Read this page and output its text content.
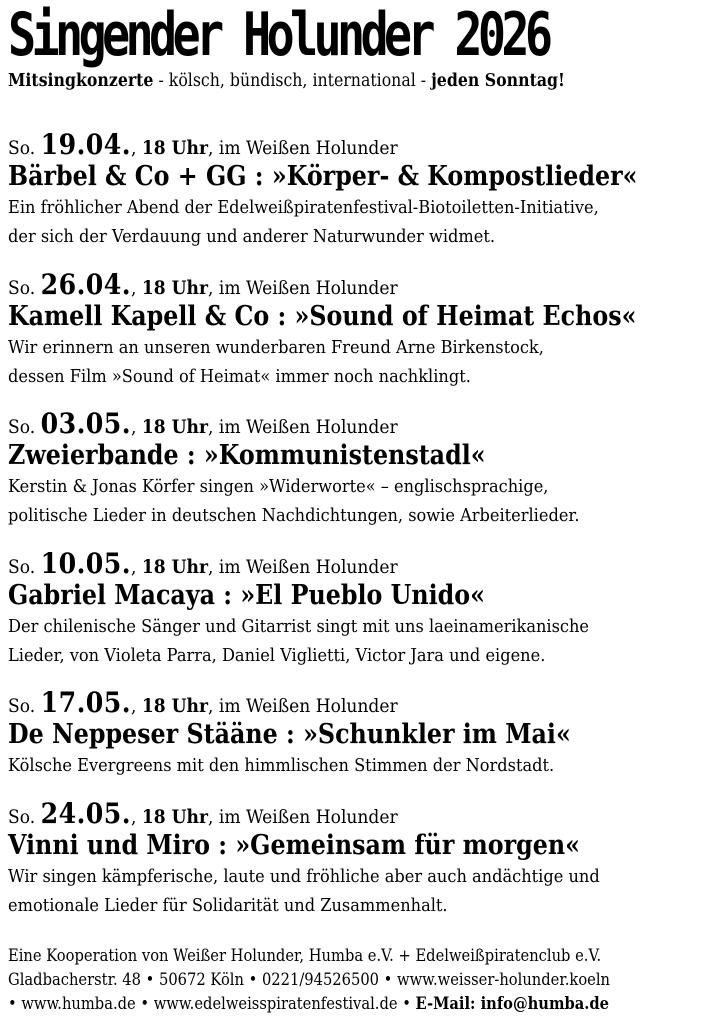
Singender Holunder 2026
Mitsingkonzerte - kölsch, bündisch, international - jeden Sonntag!
So. 19.04., 18 Uhr, im Weißen Holunder
Bärbel & Co + GG : »Körper- & Kompostlieder«

Ein fröhlicher Abend der Edelweißpiratenfestival-Biotoiletten-Initiative,

der sich der Verdauung und anderer Naturwunder widmet.

So. 26.04., 18 Uhr, im Weißen Holunder
Kamell Kapell & Co : »Sound of Heimat Echos«

Wir erinnern an unseren wunderbaren Freund Arne Birkenstock,

dessen Film »Sound of Heimat« immer noch nachklingt.

So. 03.05., 18 Uhr, im Weißen Holunder
Zweierbande : »Kommunistenstadl«

Kerstin & Jonas Körfer singen »Widerworte« – englischsprachige,

politische Lieder in deutschen Nachdichtungen, sowie Arbeiterlieder.

So. 10.05., 18 Uhr, im Weißen Holunder
Gabriel Macaya : »El Pueblo Unido«

Der chilenische Sänger und Gitarrist singt mit uns laeinamerikanische

Lieder, von Violeta Parra, Daniel Viglietti, Victor Jara und eigene.

So. 17.05., 18 Uhr, im Weißen Holunder
De Neppeser Stääne : »Schunkler im Mai«

Kölsche Evergreens mit den himmlischen Stimmen der Nordstadt.

So. 24.05., 18 Uhr, im Weißen Holunder
Vinni und Miro : »Gemeinsam für morgen«

Wir singen kämpferische, laute und fröhliche aber auch andächtige und

emotionale Lieder für Solidarität und Zusammenhalt.

Eine Kooperation von Weißer Holunder, Humba e.V. + Edelweißpiratenclub e.V.
Gladbacherstr. 48 • 50672 Köln • 0221/94526500 • www.weisser-holunder.koeln
• www.humba.de • www.edelweisspiratenfestival.de • E-Mail: info@humba.de
